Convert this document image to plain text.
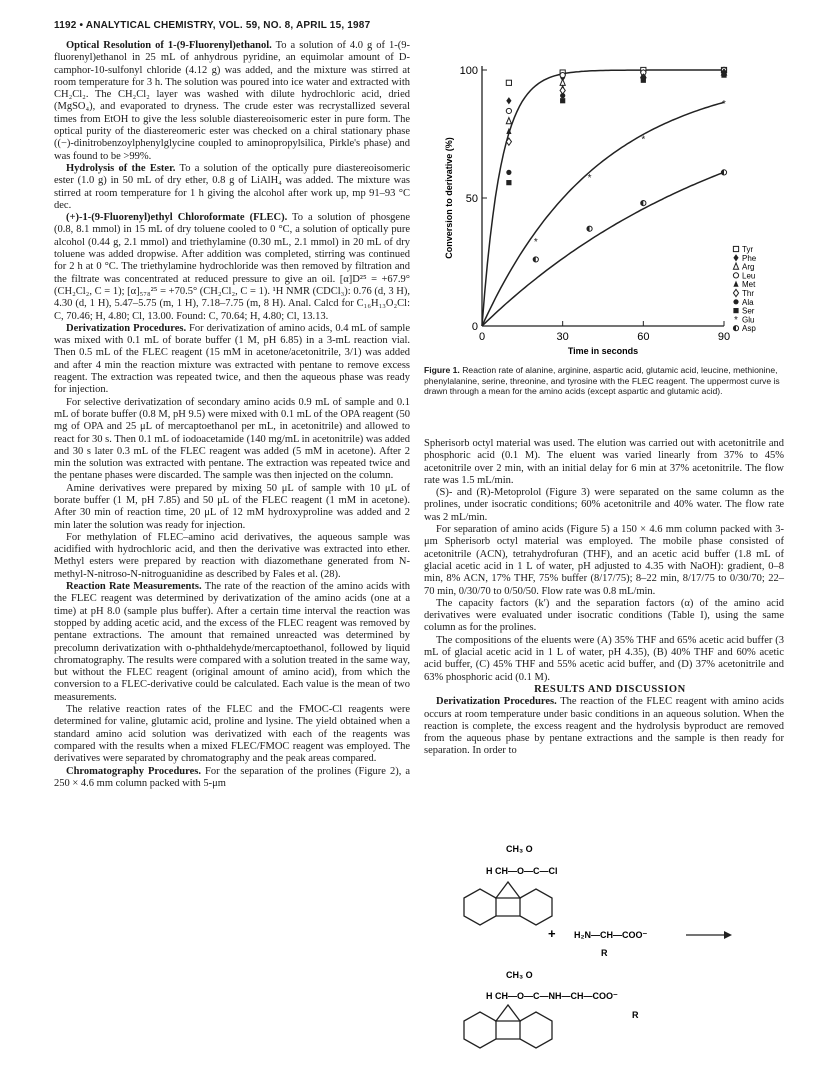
1192 • ANALYTICAL CHEMISTRY, VOL. 59, NO. 8, APRIL 15, 1987

Optical Resolution of 1-(9-Fluorenyl)ethanol. To a solution of 4.0 g of 1-(9-fluorenyl)ethanol in 25 mL of anhydrous pyridine, an equimolar amount of D-camphor-10-sulfonyl chloride (4.12 g) was added, and the mixture was stirred at room temperature for 3 h. The solution was poured into ice water and extracted with CH₂Cl₂. The CH₂Cl₂ layer was washed with dilute hydrochloric acid, dried (MgSO₄), and evaporated to dryness. The crude ester was recrystallized several times from EtOH to give the less soluble diastereoisomeric ester in pure form. The optical purity of the diastereomeric ester was checked on a chiral stationary phase ((−)-dinitrobenzoylphenylglycine coupled to aminopropylsilica, Pirkle's phase) and was found to be >99%.

Hydrolysis of the Ester. To a solution of the optically pure diastereoisomeric ester (1.0 g) in 50 mL of dry ether, 0.8 g of LiAlH₄ was added. The mixture was stirred at room temperature for 1 h giving the alcohol after work up, mp 91–93 °C dec.

(+)-1-(9-Fluorenyl)ethyl Chloroformate (FLEC). To a solution of phosgene (0.8, 8.1 mmol) in 15 mL of dry toluene cooled to 0 °C, a solution of optically pure alcohol (0.44 g, 2.1 mmol) and triethylamine (0.30 mL, 2.1 mmol) in 20 mL of dry toluene was added dropwise. After addition was completed, stirring was continued for 2 h at 0 °C. The triethylamine hydrochloride was then removed by filtration and the filtrate was concentrated at reduced pressure to give an oil. [α]D²⁵ = +67.9° (CH₂Cl₂, C = 1); [α]₅₇₈²⁵ = +70.5° (CH₂Cl₂, C = 1). ¹H NMR (CDCl₃): 0.76 (d, 3 H), 4.30 (d, 1 H), 5.47–5.75 (m, 1 H), 7.18–7.75 (m, 8 H). Anal. Calcd for C₁₆H₁₃O₂Cl: C, 70.46; H, 4.80; Cl, 13.00. Found: C, 70.64; H, 4.80; Cl, 13.13.

Derivatization Procedures. For derivatization of amino acids, 0.4 mL of sample was mixed with 0.1 mL of borate buffer (1 M, pH 6.85) in a 3-mL reaction vial. Then 0.5 mL of the FLEC reagent (15 mM in acetone/acetonitrile, 3/1) was added and after 4 min the reaction mixture was extracted with pentane to remove excess reagent. The extraction was repeated twice, and then the aqueous phase was ready for injection.

For selective derivatization of secondary amino acids 0.9 mL of sample and 0.1 mL of borate buffer (0.8 M, pH 9.5) were mixed with 0.1 mL of the OPA reagent (50 mg of OPA and 25 μL of mercaptoethanol per mL, in acetonitrile) and allowed to react for 30 s. Then 0.1 mL of iodoacetamide (140 mg/mL in acetonitrile) was added and 30 s later 0.3 mL of the FLEC reagent was added (5 mM in acetone). After 2 min the solution was extracted with pentane. The extraction was repeated twice and the pentane phases were discarded. The sample was then injected on the column.

Amine derivatives were prepared by mixing 50 μL of sample with 10 μL of borate buffer (1 M, pH 7.85) and 50 μL of the FLEC reagent (1 mM in acetone). After 30 min of reaction time, 20 μL of 12 mM hydroxyproline was added and 2 min later the solution was ready for injection.

For methylation of FLEC–amino acid derivatives, the aqueous sample was acidified with hydrochloric acid, and then the derivative was extracted into ether. Methyl esters were prepared by reaction with diazomethane generated from N-methyl-N-nitroso-N-nitroguanidine as described by Fales et al. (28).

Reaction Rate Measurements. The rate of the reaction of the amino acids with the FLEC reagent was determined by derivatization of the amino acids (one at a time) at pH 8.0 (sample plus buffer). After a certain time interval the reaction was stopped by adding acetic acid, and the excess of the FLEC reagent was removed by pentane extractions. The amount that remained unreacted was determined by precolumn derivatization with o-phthaldehyde/mercaptoethanol, followed by liquid chromatography. The results were compared with a solution treated in the same way, but without the FLEC reagent (original amount of amino acid), from which the conversion to a FLEC-derivative could be calculated. Each value is the mean of two measurements.

The relative reaction rates of the FLEC and the FMOC-Cl reagents were determined for valine, glutamic acid, proline and lysine. The yield obtained when a standard amino acid solution was derivatized with each of the reagents was compared with the results when a mixed FLEC/FMOC reagent was employed. The derivatives were separated by chromatography and the peak areas compared.

Chromatography Procedures. For the separation of the prolines (Figure 2), a 250 × 4.6 mm column packed with 5-μm

0	30	60	90
0
50
100
Time in seconds
Conversion to derivative (%)	Tyr
Phe
Arg
Leu
Met
Thr
Ala
Ser
*
*
*
*
* Glu
Asp
Figure 1. Reaction rate of alanine, arginine, aspartic acid, glutamic acid, leucine, methionine, phenylalanine, serine, threonine, and tyrosine with the FLEC reagent. The uppermost curve is drawn through a mean for the amino acids (except aspartic and glutamic acid).

Spherisorb octyl material was used. The elution was carried out with acetonitrile and phosphoric acid (0.1 M). The eluent was varied linearly from 37% to 45% acetonitrile over 2 min, with an initial delay for 6 min at 37% acetonitrile. The flow rate was 1.5 mL/min.

(S)- and (R)-Metoprolol (Figure 3) were separated on the same column as the prolines, under isocratic conditions; 60% acetonitrile and 40% water. The flow rate was 2 mL/min.

For separation of amino acids (Figure 5) a 150 × 4.6 mm column packed with 3-μm Spherisorb octyl material was employed. The mobile phase consisted of acetonitrile (ACN), tetrahydrofuran (THF), and an acetic acid buffer (1.8 mL of glacial acetic acid in 1 L of water, pH adjusted to 4.35 with NaOH): gradient, 0–8 min, 8% ACN, 17% THF, 75% buffer (8/17/75); 8–22 min, 8/17/75 to 0/30/70; 22–70 min, 0/30/70 to 0/50/50. Flow rate was 0.8 mL/min.

The capacity factors (k′) and the separation factors (α) of the amino acid derivatives were evaluated under isocratic conditions (Table I), using the same column as for the prolines.

The compositions of the eluents were (A) 35% THF and 65% acetic acid buffer (3 mL of glacial acetic acid in 1 L of water, pH 4.35), (B) 40% THF and 60% acetic acid buffer, (C) 45% THF and 55% acetic acid buffer, and (D) 37% acetonitrile and 63% phosphoric acid (0.1 M).

RESULTS AND DISCUSSION

Derivatization Procedures. The reaction of the FLEC reagent with amino acids occurs at room temperature under basic conditions in an aqueous solution. When the reaction is complete, the excess reagent and the hydrolysis byproduct are removed from the aqueous phase by pentane extractions and the sample is then ready for separation. In order to

CH₃ O
H CH—O—C—Cl
+ H₂N—CH—COO⁻
R
CH₃ O
H CH—O—C—NH—CH—COO⁻
R
